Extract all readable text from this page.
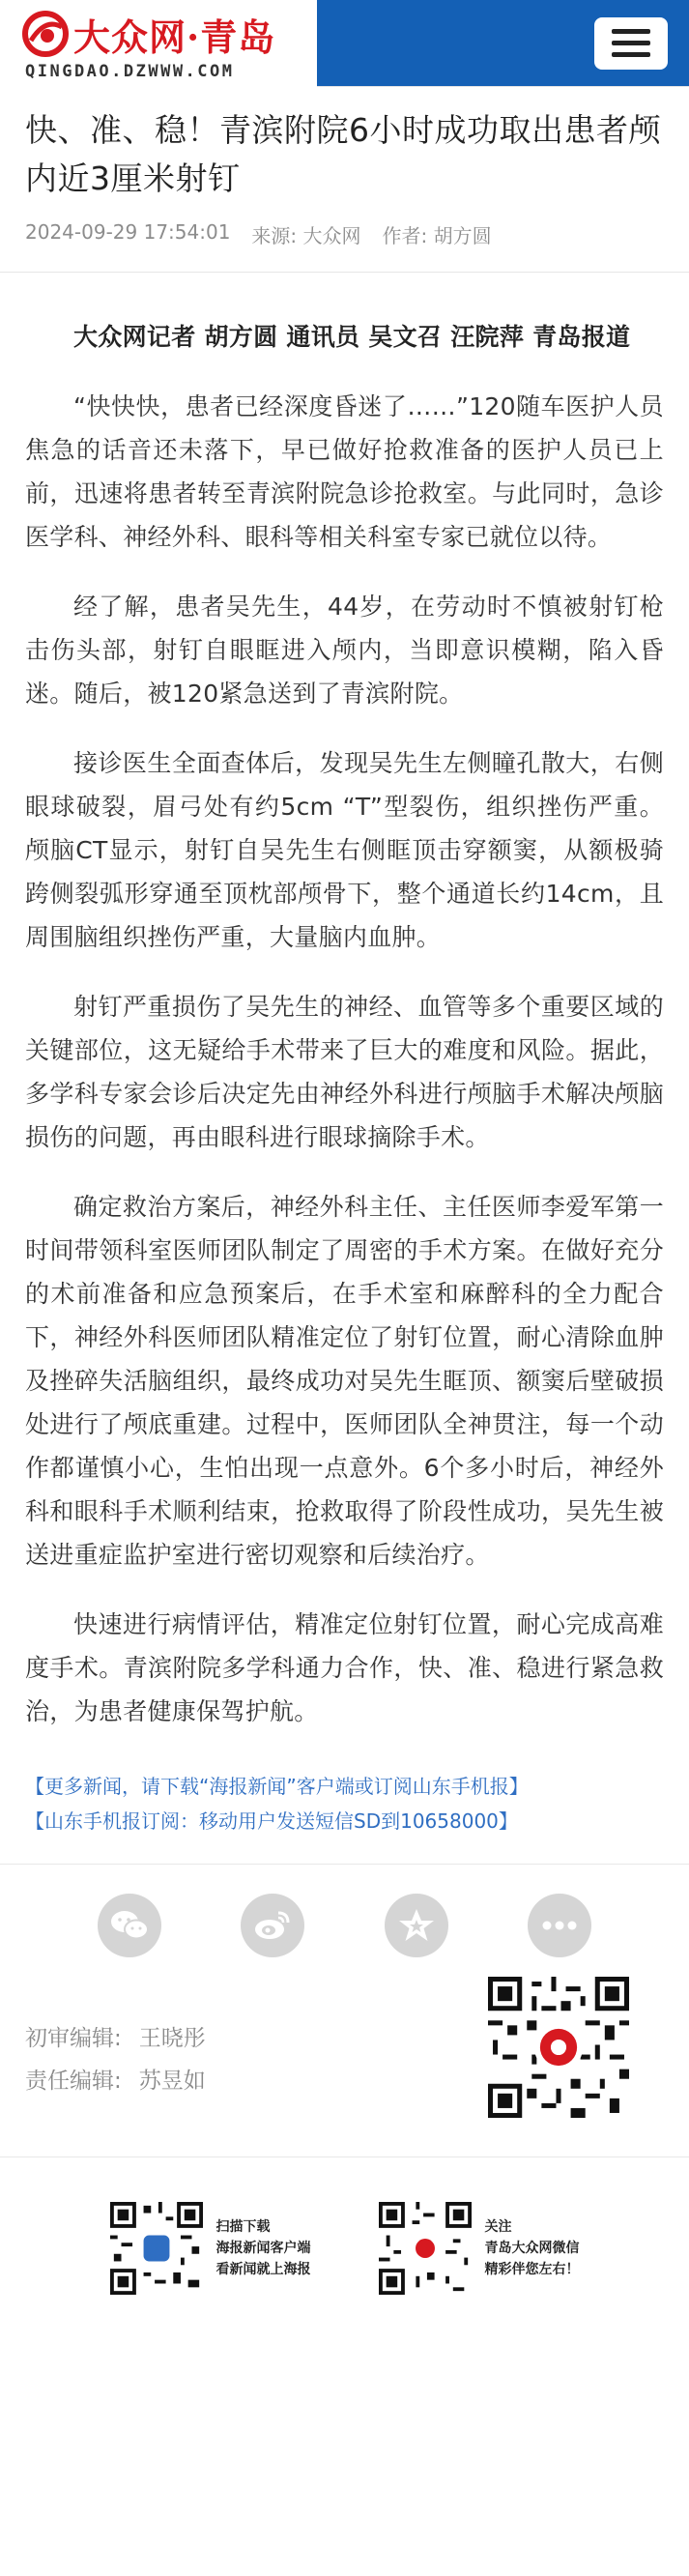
大众网·青岛
QINGDAO.DZWWW.COM
快、准、稳！青滨附院6小时成功取出患者颅内近3厘米射钉
2024-09-29 17:54:01 来源: 大众网 作者: 胡方圆

大众网记者 胡方圆 通讯员 吴文召 汪院萍 青岛报道

“快快快，患者已经深度昏迷了……”120随车医护人员焦急的话音还未落下，早已做好抢救准备的医护人员已上前，迅速将患者转至青滨附院急诊抢救室。与此同时，急诊医学科、神经外科、眼科等相关科室专家已就位以待。

经了解，患者吴先生，44岁，在劳动时不慎被射钉枪击伤头部，射钉自眼眶进入颅内，当即意识模糊，陷入昏迷。随后，被120紧急送到了青滨附院。

接诊医生全面查体后，发现吴先生左侧瞳孔散大，右侧眼球破裂，眉弓处有约5cm “T”型裂伤，组织挫伤严重。颅脑CT显示，射钉自吴先生右侧眶顶击穿额窦，从额极骑跨侧裂弧形穿通至顶枕部颅骨下，整个通道长约14cm，且周围脑组织挫伤严重，大量脑内血肿。

射钉严重损伤了吴先生的神经、血管等多个重要区域的关键部位，这无疑给手术带来了巨大的难度和风险。据此，多学科专家会诊后决定先由神经外科进行颅脑手术解决颅脑损伤的问题，再由眼科进行眼球摘除手术。

确定救治方案后，神经外科主任、主任医师李爱军第一时间带领科室医师团队制定了周密的手术方案。在做好充分的术前准备和应急预案后，在手术室和麻醉科的全力配合下，神经外科医师团队精准定位了射钉位置，耐心清除血肿及挫碎失活脑组织，最终成功对吴先生眶顶、额窦后壁破损处进行了颅底重建。过程中，医师团队全神贯注，每一个动作都谨慎小心，生怕出现一点意外。6个多小时后，神经外科和眼科手术顺利结束，抢救取得了阶段性成功，吴先生被送进重症监护室进行密切观察和后续治疗。

快速进行病情评估，精准定位射钉位置，耐心完成高难度手术。青滨附院多学科通力合作，快、准、稳进行紧急救治，为患者健康保驾护航。

【更多新闻，请下载“海报新闻”客户端或订阅山东手机报】
【山东手机报订阅：移动用户发送短信SD到10658000】
初审编辑: 王晓彤
责任编辑: 苏昱如
扫描下载
海报新闻客户端
看新闻就上海报
关注
青岛大众网微信
精彩伴您左右！
